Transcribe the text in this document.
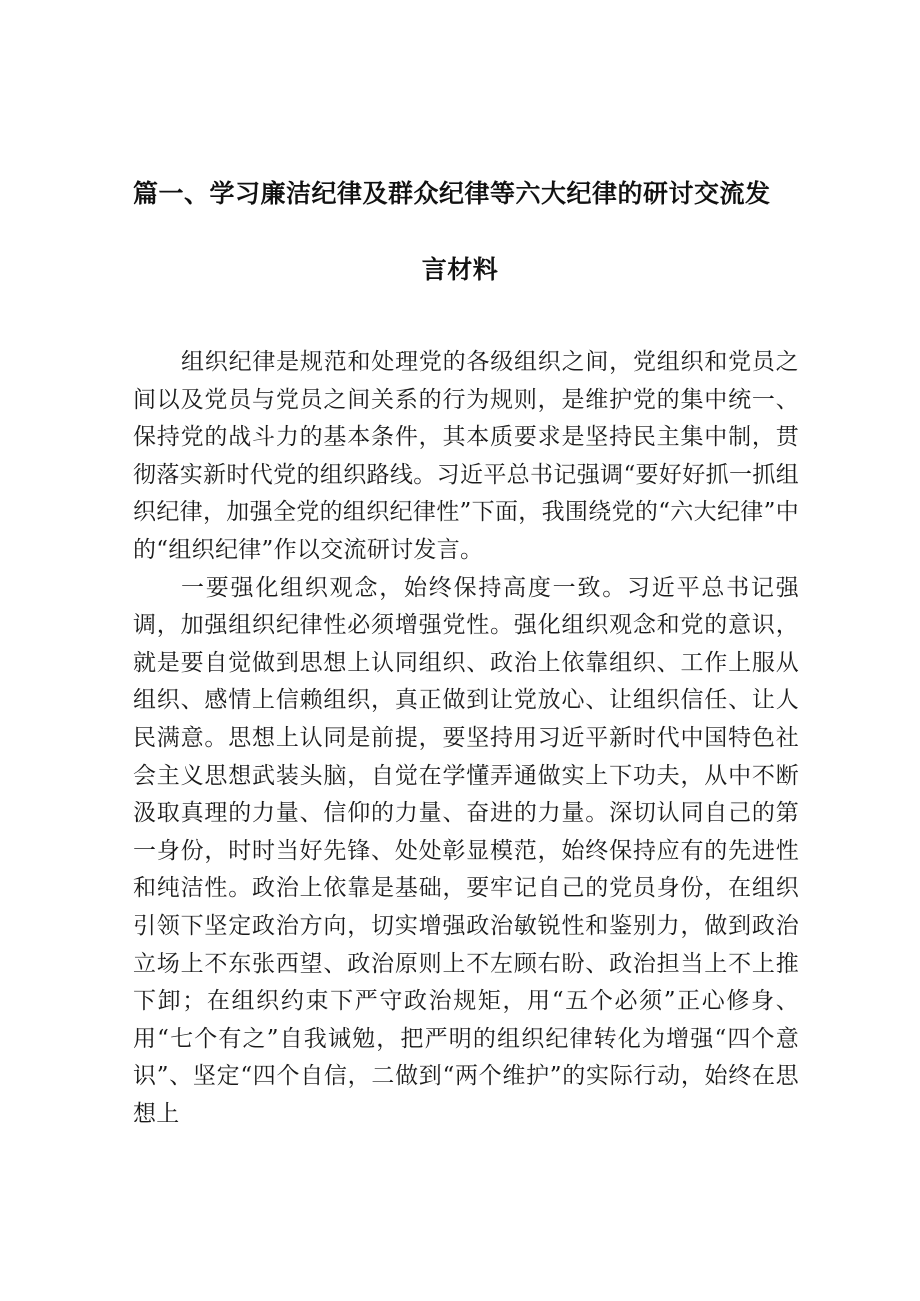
篇一、学习廉洁纪律及群众纪律等六大纪律的研讨交流发
言材料

组织纪律是规范和处理党的各级组织之间，党组织和党员之间以及党员与党员之间关系的行为规则，是维护党的集中统一、保持党的战斗力的基本条件，其本质要求是坚持民主集中制，贯彻落实新时代党的组织路线。习近平总书记强调“要好好抓一抓组织纪律，加强全党的组织纪律性”下面，我围绕党的“六大纪律”中的“组织纪律”作以交流研讨发言。

一要强化组织观念，始终保持高度一致。习近平总书记强调，加强组织纪律性必须增强党性。强化组织观念和党的意识，就是要自觉做到思想上认同组织、政治上依靠组织、工作上服从组织、感情上信赖组织，真正做到让党放心、让组织信任、让人民满意。思想上认同是前提，要坚持用习近平新时代中国特色社会主义思想武装头脑，自觉在学懂弄通做实上下功夫，从中不断汲取真理的力量、信仰的力量、奋进的力量。深切认同自己的第一身份，时时当好先锋、处处彰显模范，始终保持应有的先进性和纯洁性。政治上依靠是基础，要牢记自己的党员身份，在组织引领下坚定政治方向，切实增强政治敏锐性和鉴别力，做到政治立场上不东张西望、政治原则上不左顾右盼、政治担当上不上推下卸；在组织约束下严守政治规矩，用“五个必须”正心修身、用“七个有之”自我诫勉，把严明的组织纪律转化为增强“四个意识”、坚定“四个自信，二做到“两个维护”的实际行动，始终在思想上
